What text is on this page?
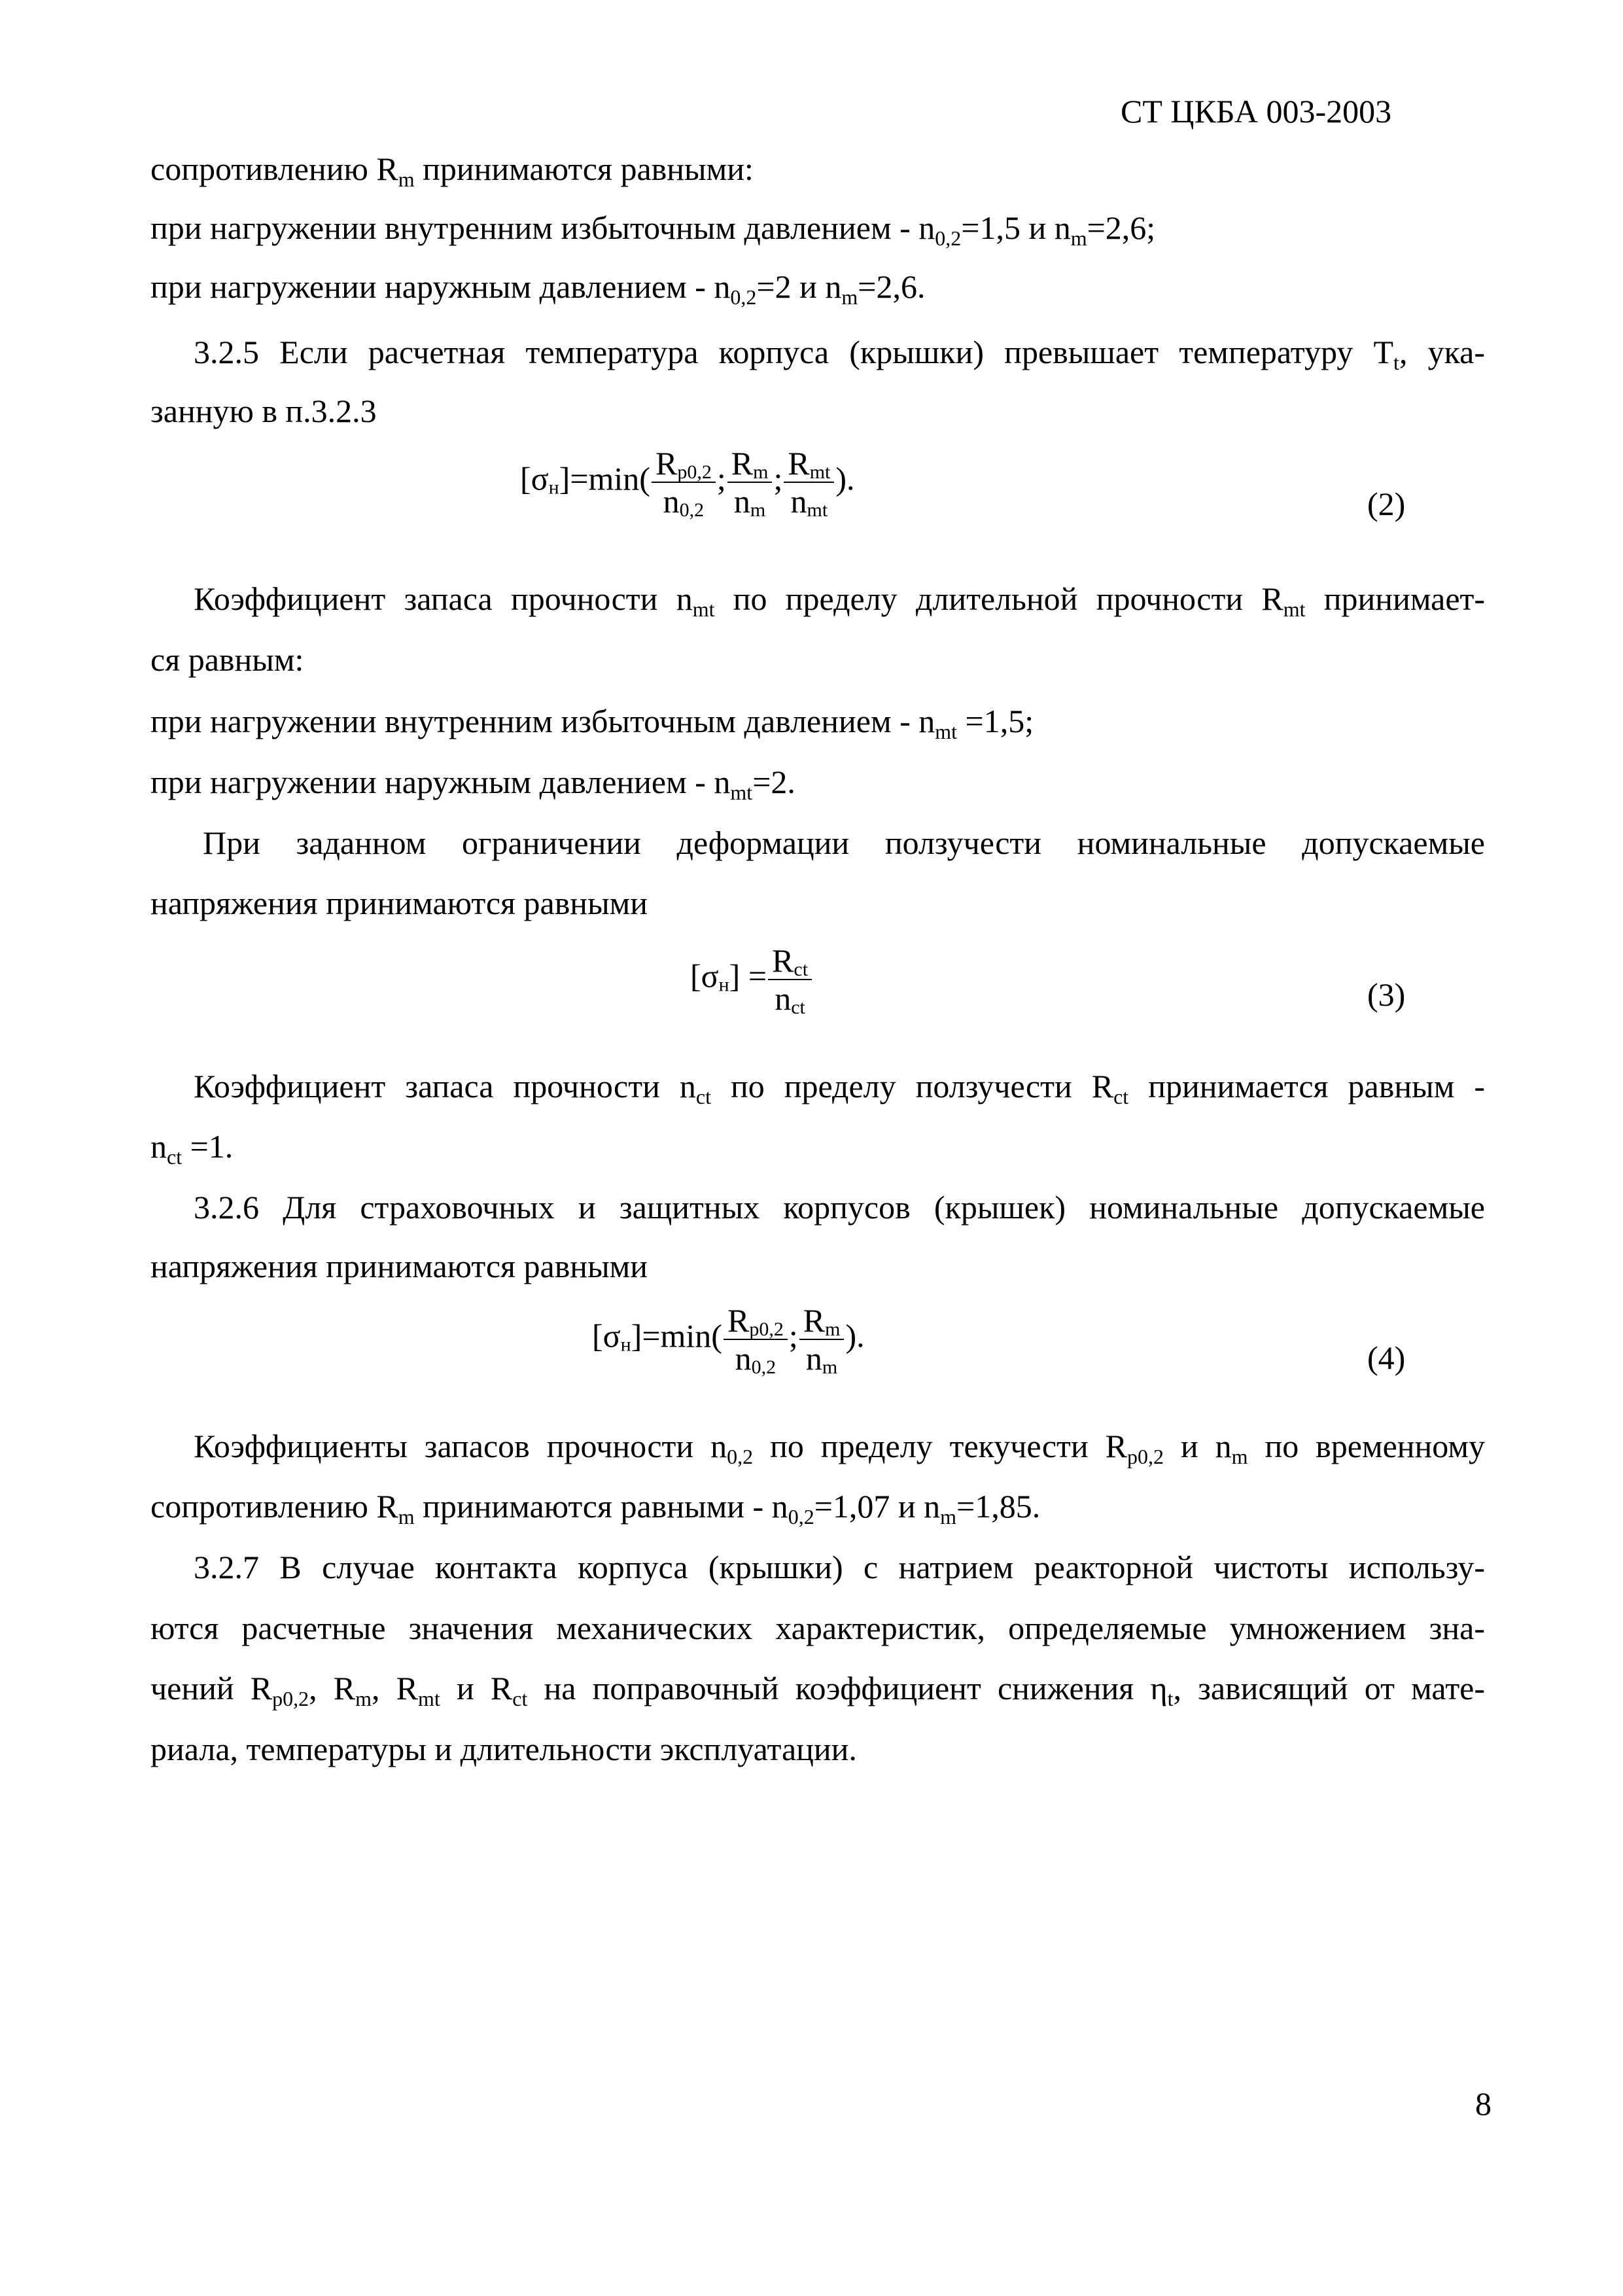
СТ ЦКБА 003-2003
сопротивлению $R_m$ принимаются равными:
при нагружении внутренним избыточным давлением - $n_{0,2}=1,5$ и $n_m=2,6$;
при нагружении наружным давлением - $n_{0,2}=2$ и $n_m=2,6$.
3.2.5 Если расчетная температура корпуса (крышки) превышает температуру $T_t$, ука-
занную в п.3.2.3
$[\sigma н]=\min( \frac{Rp0,2}{n0,2}$ ; $\frac{Rm}{nm}$ ; $\frac{\text{Rmt}}{\text{nmt}}$ ).
(2)
Коэффициент запаса прочности $n_{mt}$ по пределу длительной прочности $R_{mt}$ принимает-
ся равным:
при нагружении внутренним избыточным давлением - $n_{mt} =1,5$;
при нагружении наружным давлением - $n_{mt}=2$.
При заданном ограничении деформации ползучести номинальные допускаемые
напряжения принимаются равными
$[\sigma н] = \frac{\text{Rct}}{\text{nct}}$	(3)
Коэффициент запаса прочности $n_{ct}$ по пределу ползучести $R_{ct}$ принимается равным -
$n_{ct} =1$.
3.2.6 Для страховочных и защитных корпусов (крышек) номинальные допускаемые
напряжения принимаются равными
$[\sigma н]=\min( \frac{Rp0,2}{n0,2}$ ; $\frac{Rm}{nm}$ ).
(4)
Коэффициенты запасов прочности $n_{0,2}$ по пределу текучести $R_{p0,2}$ и $n_m$ по временному
сопротивлению $R_m$ принимаются равными - $n_{0,2}=1,07$ и $n_m=1,85$.
3.2.7 В случае контакта корпуса (крышки) с натрием реакторной чистоты использу-
ются расчетные значения механических характеристик, определяемые умножением зна-
чений $R_{p0,2}$, $R_m$, $R_{mt}$ и $R_{ct}$ на поправочный коэффициент снижения $\eta_t$, зависящий от мате-
риала, температуры и длительности эксплуатации.
8
